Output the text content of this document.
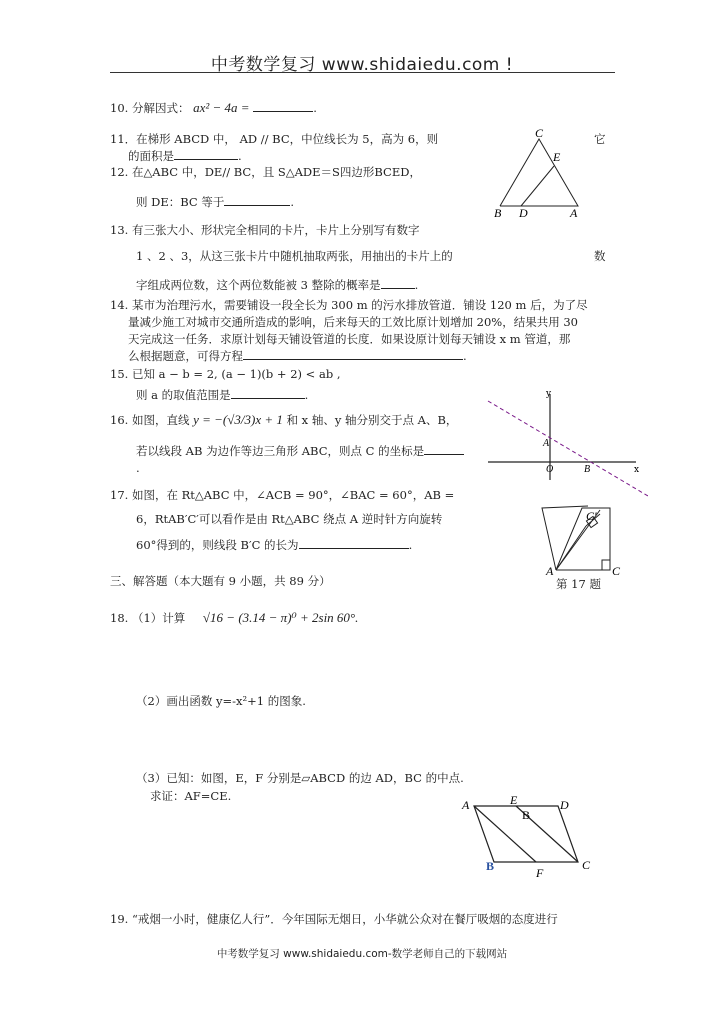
中考数学复习 www.shidaiedu.com !
10. 分解因式： ax² − 4a =	.
11．在梯形 ABCD 中， AD // BC，中位线长为 5，高为 6，则	它
的面积是	.
12. 在△ABC 中，DE// BC，且 S△ADE＝S四边形BCED，
则 DE：BC 等于	.
C
E
B D	A
13. 有三张大小、形状完全相同的卡片，卡片上分别写有数字
1 、2 、3，从这三张卡片中随机抽取两张，用抽出的卡片上的	数
字组成两位数，这个两位数能被 3 整除的概率是	.
14. 某市为治理污水，需要铺设一段全长为 300 m 的污水排放管道．铺设 120 m 后，为了尽
量减少施工对城市交通所造成的影响，后来每天的工效比原计划增加 20%，结果共用 30
天完成这一任务．求原计划每天铺设管道的长度．如果设原计划每天铺设 x m 管道，那
么根据题意，可得方程	.
15. 已知 a − b = 2, (a − 1)(b + 2) < ab ,
则 a 的取值范围是	.
16. 如图，直线 y = −(√3/3)x + 1 和 x 轴、y 轴分别交于点 A、B，
若以线段 AB 为边作等边三角形 ABC，则点 C 的坐标是
.
y
A
O	B	x
17. 如图，在 Rt△ABC 中，∠ACB = 90°，∠BAC = 60°，AB =
6，RtAB′C′可以看作是由 Rt△ABC 绕点 A 逆时针方向旋转
60°得到的，则线段 B′C 的长为	.
C′
A	C
第 17 题
三、解答题（本大题有 9 小题，共 89 分）
18. （1）计算 √16 − (3.14 − π)⁰ + 2sin 60°.
（2）画出函数 y=-x²+1 的图象.
（3）已知：如图，E，F 分别是▱ABCD 的边 AD，BC 的中点.
求证：AF=CE.
A	E	D
B
B	F
C
19. “戒烟一小时，健康亿人行”．今年国际无烟日，小华就公众对在餐厅吸烟的态度进行
中考数学复习 www.shidaiedu.com-数学老师自己的下载网站
